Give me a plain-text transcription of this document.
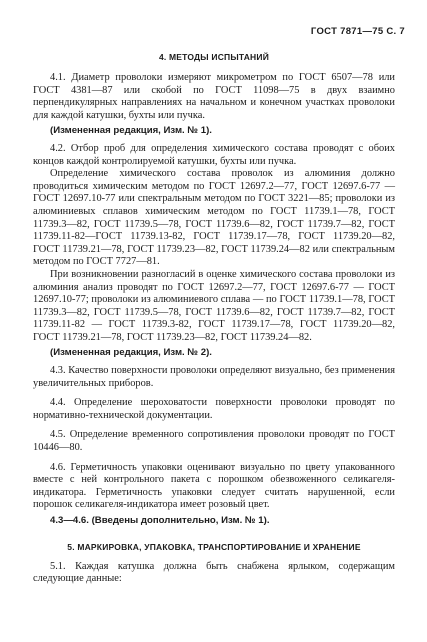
ГОСТ 7871—75 С. 7
4. МЕТОДЫ ИСПЫТАНИЙ

4.1. Диаметр проволоки измеряют микрометром по ГОСТ 6507—78 или ГОСТ 4381—87 или скобой по ГОСТ 11098—75 в двух взаимно перпендикулярных направлениях на начальном и конечном участках проволоки для каждой катушки, бухты или пучка.

(Измененная редакция, Изм. № 1).

4.2. Отбор проб для определения химического состава проводят с обоих концов каждой контролируемой катушки, бухты или пучка.

Определение химического состава проволок из алюминия должно проводиться химическим методом по ГОСТ 12697.2—77, ГОСТ 12697.6-77 — ГОСТ 12697.10-77 или спектральным методом по ГОСТ 3221—85; проволоки из алюминиевых сплавов химическим методом по ГОСТ 11739.1—78, ГОСТ 11739.3—82, ГОСТ 11739.5—78, ГОСТ 11739.6—82, ГОСТ 11739.7—82, ГОСТ 11739.11-82—ГОСТ 11739.13-82, ГОСТ 11739.17—78, ГОСТ 11739.20—82, ГОСТ 11739.21—78, ГОСТ 11739.23—82, ГОСТ 11739.24—82 или спектральным методом по ГОСТ 7727—81.

При возникновении разногласий в оценке химического состава проволоки из алюминия анализ проводят по ГОСТ 12697.2—77, ГОСТ 12697.6-77 — ГОСТ 12697.10-77; проволоки из алюминиевого сплава — по ГОСТ 11739.1—78, ГОСТ 11739.3—82, ГОСТ 11739.5—78, ГОСТ 11739.6—82, ГОСТ 11739.7—82, ГОСТ 11739.11-82 — ГОСТ 11739.3-82, ГОСТ 11739.17—78, ГОСТ 11739.20—82, ГОСТ 11739.21—78, ГОСТ 11739.23—82, ГОСТ 11739.24—82.

(Измененная редакция, Изм. № 2).

4.3. Качество поверхности проволоки определяют визуально, без применения увеличительных приборов.

4.4. Определение шероховатости поверхности проволоки проводят по нормативно-технической документации.

4.5. Определение временного сопротивления проволоки проводят по ГОСТ 10446—80.

4.6. Герметичность упаковки оценивают визуально по цвету упакованного вместе с ней контрольного пакета с порошком обезвоженного селикагеля-индикатора. Герметичность упаковки следует считать нарушенной, если порошок селикагеля-индикатора имеет розовый цвет.

4.3—4.6. (Введены дополнительно, Изм. № 1).
5. МАРКИРОВКА, УПАКОВКА, ТРАНСПОРТИРОВАНИЕ И ХРАНЕНИЕ

5.1. Каждая катушка должна быть снабжена ярлыком, содержащим следующие данные:
